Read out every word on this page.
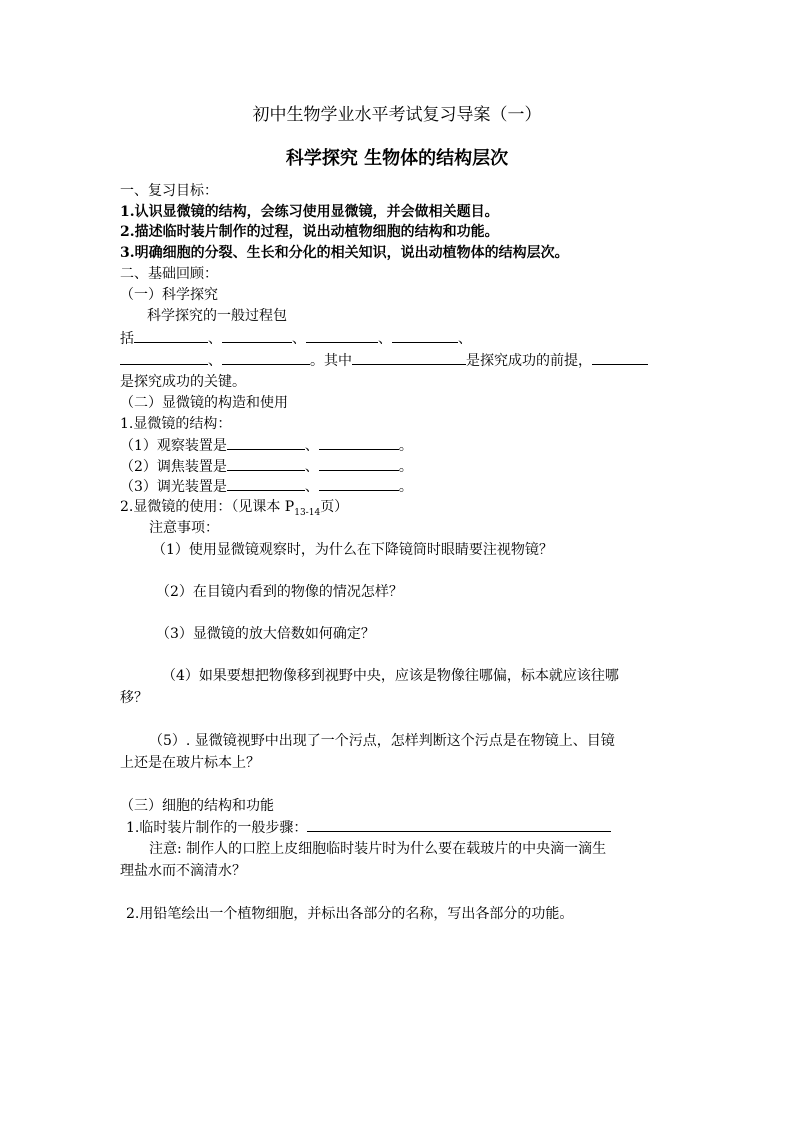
初中生物学业水平考试复习导案（一）
科学探究 生物体的结构层次
一、复习目标：
1.认识显微镜的结构，会练习使用显微镜，并会做相关题目。
2.描述临时装片制作的过程，说出动植物细胞的结构和功能。
3.明确细胞的分裂、生长和分化的相关知识，说出动植物体的结构层次。
二、基础回顾：
（一）科学探究
科学探究的一般过程包
括	、	、	、	、
、	。其中	是探究成功的前提，
是探究成功的关键。
（二）显微镜的构造和使用
1.显微镜的结构：
（1）观察装置是	、	。
（2）调焦装置是	、	。
（3）调光装置是	、	。
2.显微镜的使用：（见课本 $P_{13-14}$页）
注意事项：
（1）使用显微镜观察时，为什么在下降镜筒时眼睛要注视物镜？
（2）在目镜内看到的物像的情况怎样？
（3）显微镜的放大倍数如何确定？
（4）如果要想把物像移到视野中央，应该是物像往哪偏，标本就应该往哪
移？
（5）. 显微镜视野中出现了一个污点，怎样判断这个污点是在物镜上、目镜
上还是在玻片标本上？
（三）细胞的结构和功能
1.临时装片制作的一般步骤：
注意: 制作人的口腔上皮细胞临时装片时为什么要在载玻片的中央滴一滴生
理盐水而不滴清水？
2.用铅笔绘出一个植物细胞，并标出各部分的名称，写出各部分的功能。
